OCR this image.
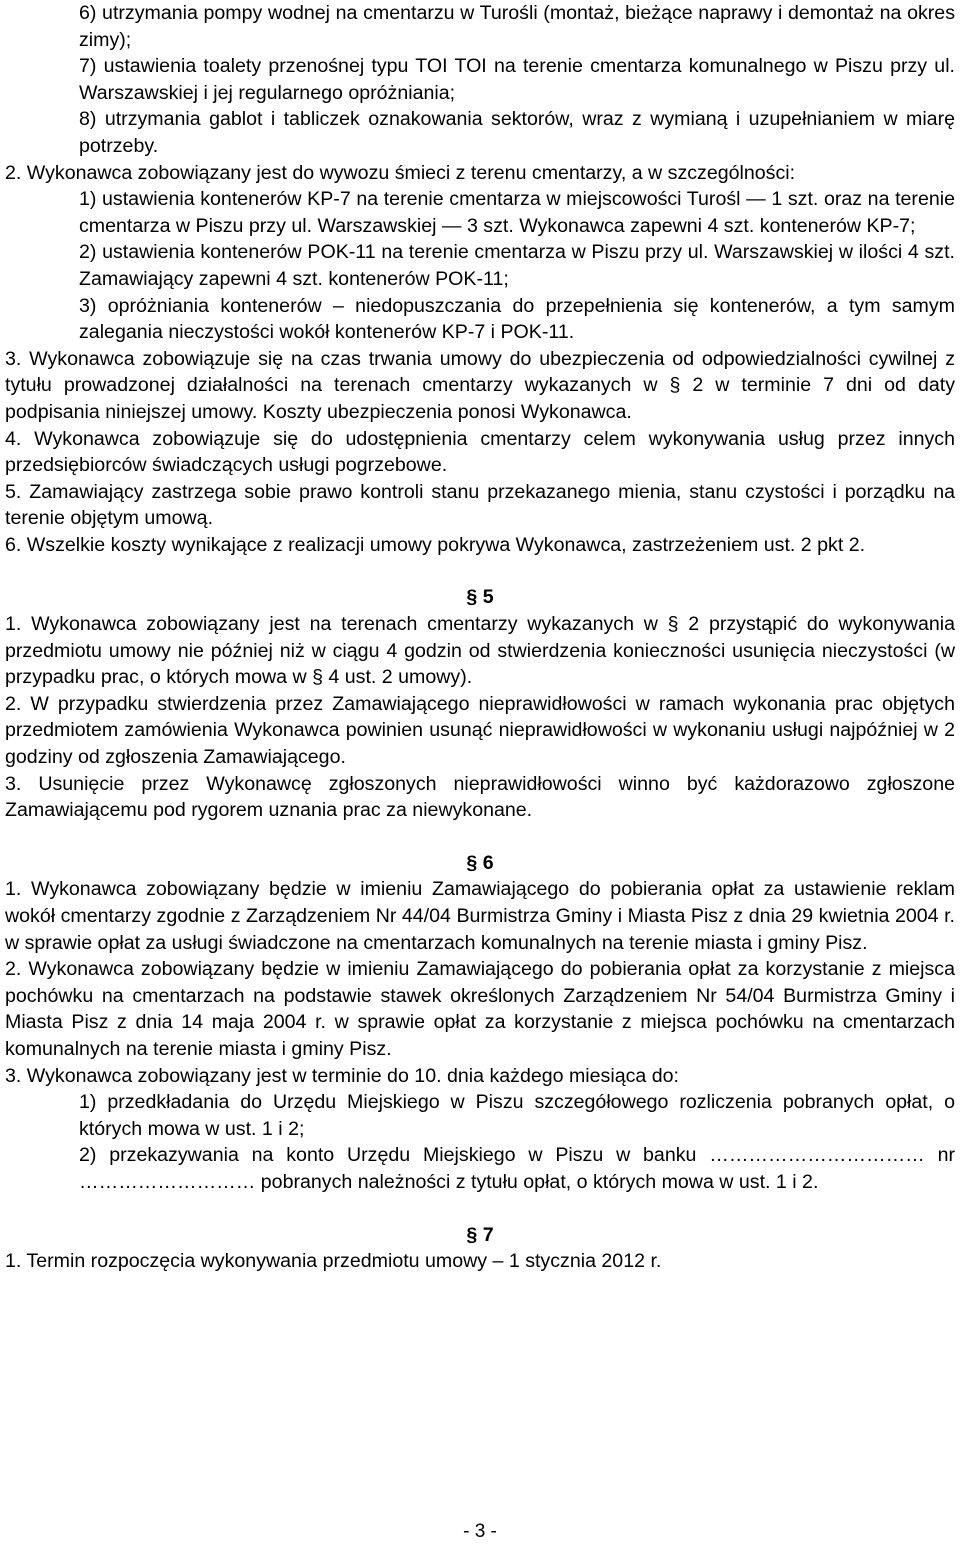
6) utrzymania pompy wodnej na cmentarzu w Turośli (montaż, bieżące naprawy i demontaż na okres zimy);

7) ustawienia toalety przenośnej typu TOI TOI na terenie cmentarza komunalnego w Piszu przy ul. Warszawskiej i jej regularnego opróżniania;

8) utrzymania gablot i tabliczek oznakowania sektorów, wraz z wymianą i uzupełnianiem w miarę potrzeby.

2. Wykonawca zobowiązany jest do wywozu śmieci z terenu cmentarzy, a w szczególności:

1) ustawienia kontenerów KP-7 na terenie cmentarza w miejscowości Turośl — 1 szt. oraz na terenie cmentarza w Piszu przy ul. Warszawskiej — 3 szt. Wykonawca zapewni 4 szt. kontenerów KP-7;

2) ustawienia kontenerów POK-11 na terenie cmentarza w Piszu przy ul. Warszawskiej w ilości 4 szt. Zamawiający zapewni 4 szt. kontenerów POK-11;

3) opróżniania kontenerów – niedopuszczania do przepełnienia się kontenerów, a tym samym zalegania nieczystości wokół kontenerów KP-7 i POK-11.

3. Wykonawca zobowiązuje się na czas trwania umowy do ubezpieczenia od odpowiedzialności cywilnej z tytułu prowadzonej działalności na terenach cmentarzy wykazanych w § 2 w terminie 7 dni od daty podpisania niniejszej umowy. Koszty ubezpieczenia ponosi Wykonawca.

4. Wykonawca zobowiązuje się do udostępnienia cmentarzy celem wykonywania usług przez innych przedsiębiorców świadczących usługi pogrzebowe.

5. Zamawiający zastrzega sobie prawo kontroli stanu przekazanego mienia, stanu czystości i porządku na terenie objętym umową.

6. Wszelkie koszty wynikające z realizacji umowy pokrywa Wykonawca, zastrzeżeniem ust. 2 pkt 2.

§ 5

1. Wykonawca zobowiązany jest na terenach cmentarzy wykazanych w § 2 przystąpić do wykonywania przedmiotu umowy nie później niż w ciągu 4 godzin od stwierdzenia konieczności usunięcia nieczystości (w przypadku prac, o których mowa w § 4 ust. 2 umowy).

2. W przypadku stwierdzenia przez Zamawiającego nieprawidłowości w ramach wykonania prac objętych przedmiotem zamówienia Wykonawca powinien usunąć nieprawidłowości w wykonaniu usługi najpóźniej w 2 godziny od zgłoszenia Zamawiającego.

3. Usunięcie przez Wykonawcę zgłoszonych nieprawidłowości winno być każdorazowo zgłoszone Zamawiającemu pod rygorem uznania prac za niewykonane.

§ 6

1. Wykonawca zobowiązany będzie w imieniu Zamawiającego do pobierania opłat za ustawienie reklam wokół cmentarzy zgodnie z Zarządzeniem Nr 44/04 Burmistrza Gminy i Miasta Pisz z dnia 29 kwietnia 2004 r. w sprawie opłat za usługi świadczone na cmentarzach komunalnych na terenie miasta i gminy Pisz.

2. Wykonawca zobowiązany będzie w imieniu Zamawiającego do pobierania opłat za korzystanie z miejsca pochówku na cmentarzach na podstawie stawek określonych Zarządzeniem Nr 54/04 Burmistrza Gminy i Miasta Pisz z dnia 14 maja 2004 r. w sprawie opłat za korzystanie z miejsca pochówku na cmentarzach komunalnych na terenie miasta i gminy Pisz.

3. Wykonawca zobowiązany jest w terminie do 10. dnia każdego miesiąca do:

1) przedkładania do Urzędu Miejskiego w Piszu szczegółowego rozliczenia pobranych opłat, o których mowa w ust. 1 i 2;

2) przekazywania na konto Urzędu Miejskiego w Piszu w banku …………………………… nr ……………………… pobranych należności z tytułu opłat, o których mowa w ust. 1 i 2.

§ 7

1. Termin rozpoczęcia wykonywania przedmiotu umowy – 1 stycznia 2012 r.

- 3 -
